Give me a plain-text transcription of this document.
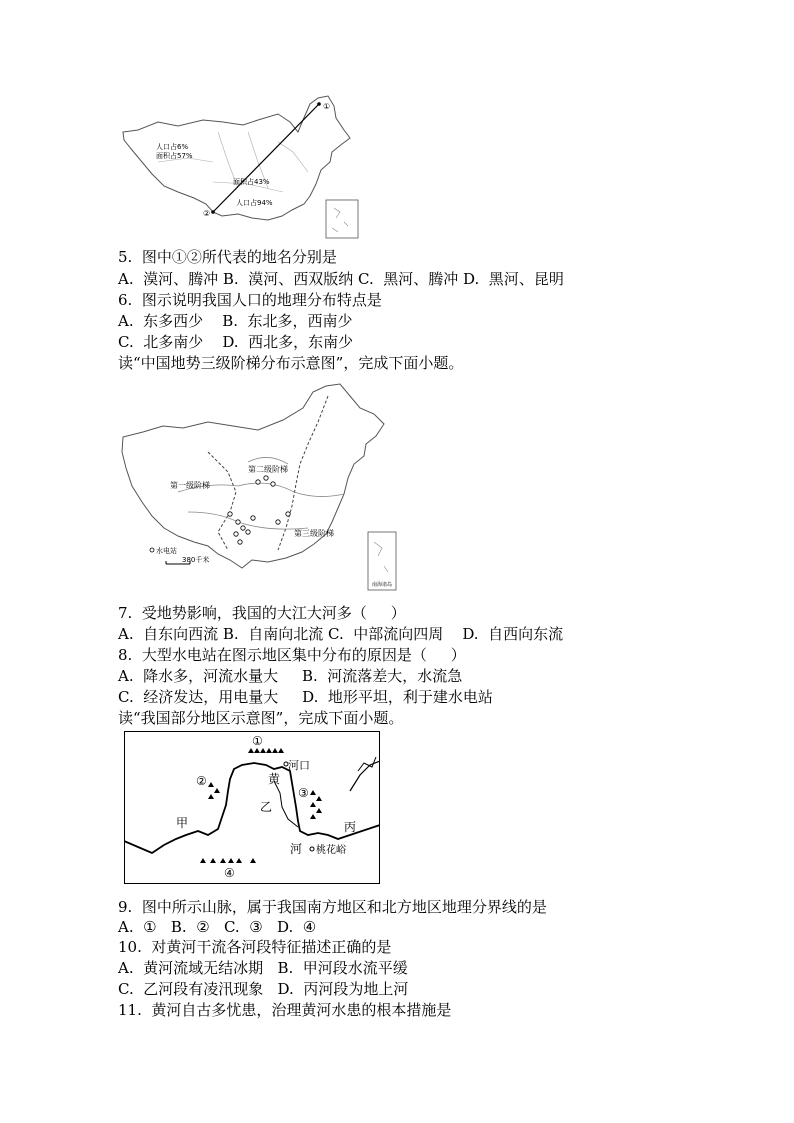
①
②
人口占6%
面积占57%
面积占43%
人口占94%
第一级阶梯
第二级阶梯
第三级阶梯
水电站
380千米
南海诸岛
①
②
③
④
黄
河口
乙
甲	丙
河 桃花峪
5.  图中①②所代表的地名分别是
A.  漠河、腾冲 B.  漠河、西双版纳 C.  黑河、腾冲 D.  黑河、昆明
6.  图示说明我国人口的地理分布特点是
A.  东多西少    B.  东北多，西南少
C.  北多南少    D.  西北多，东南少
读“中国地势三级阶梯分布示意图”，完成下面小题。
7.  受地势影响，我国的大江大河多（     ）
A.  自东向西流 B.  自南向北流 C.  中部流向四周    D.  自西向东流
8.  大型水电站在图示地区集中分布的原因是（     ）
A.  降水多，河流水量大     B.  河流落差大，水流急
C.  经济发达，用电量大     D.  地形平坦，利于建水电站
读“我国部分地区示意图”，完成下面小题。
9.  图中所示山脉，属于我国南方地区和北方地区地理分界线的是
A.  ①   B.  ②   C.  ③   D.  ④
10.  对黄河干流各河段特征描述正确的是
A.  黄河流域无结冰期   B.  甲河段水流平缓
C.  乙河段有凌汛现象   D.  丙河段为地上河
11.  黄河自古多忧患，治理黄河水患的根本措施是
